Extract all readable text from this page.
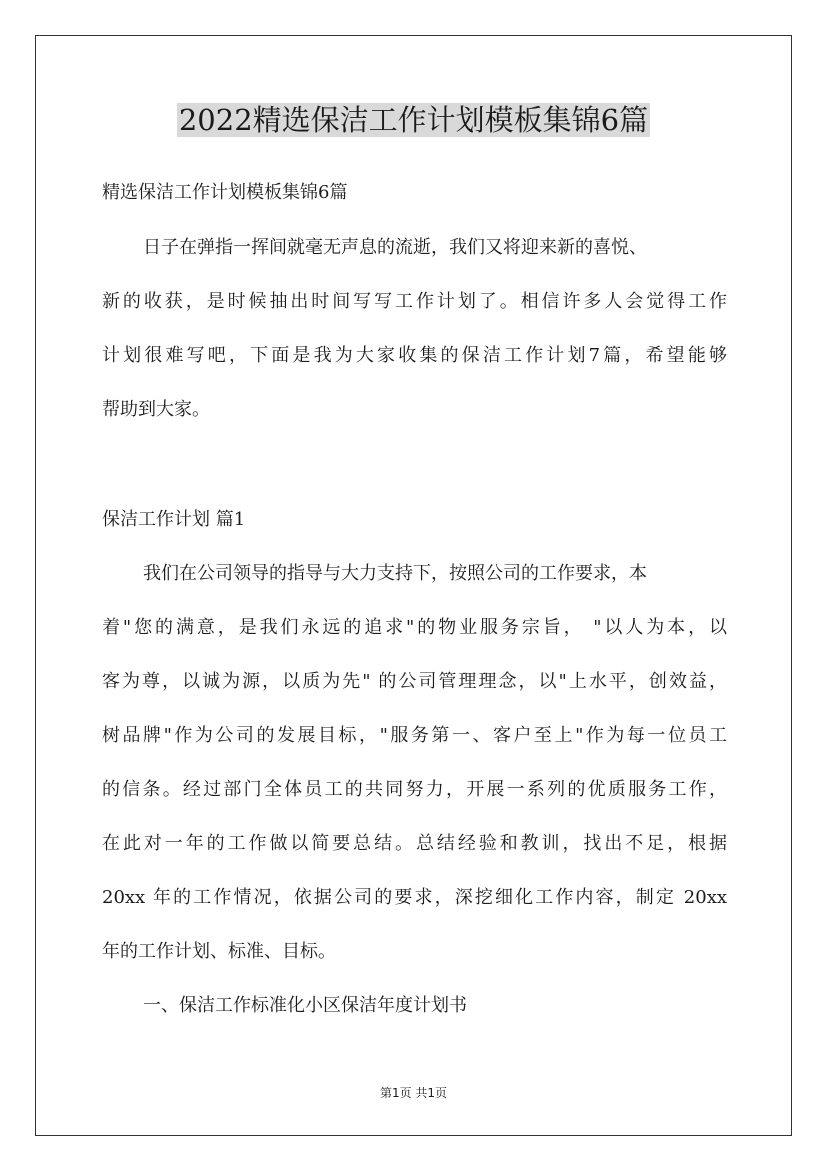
2022精选保洁工作计划模板集锦6篇
精选保洁工作计划模板集锦6篇
日子在弹指一挥间就毫无声息的流逝，我们又将迎来新的喜悦、
新的收获，是时候抽出时间写写工作计划了。相信许多人会觉得工作
计划很难写吧，下面是我为大家收集的保洁工作计划7篇，希望能够
帮助到大家。
保洁工作计划 篇1
我们在公司领导的指导与大力支持下，按照公司的工作要求，本
着"您的满意，是我们永远的追求"的物业服务宗旨， "以人为本，以
客为尊，以诚为源，以质为先" 的公司管理理念，以"上水平，创效益，
树品牌"作为公司的发展目标，"服务第一、客户至上"作为每一位员工
的信条。经过部门全体员工的共同努力，开展一系列的优质服务工作，
在此对一年的工作做以简要总结。总结经验和教训，找出不足，根据
20xx 年的工作情况，依据公司的要求，深挖细化工作内容，制定 20xx
年的工作计划、标准、目标。
一、保洁工作标准化小区保洁年度计划书
第1页 共1页
